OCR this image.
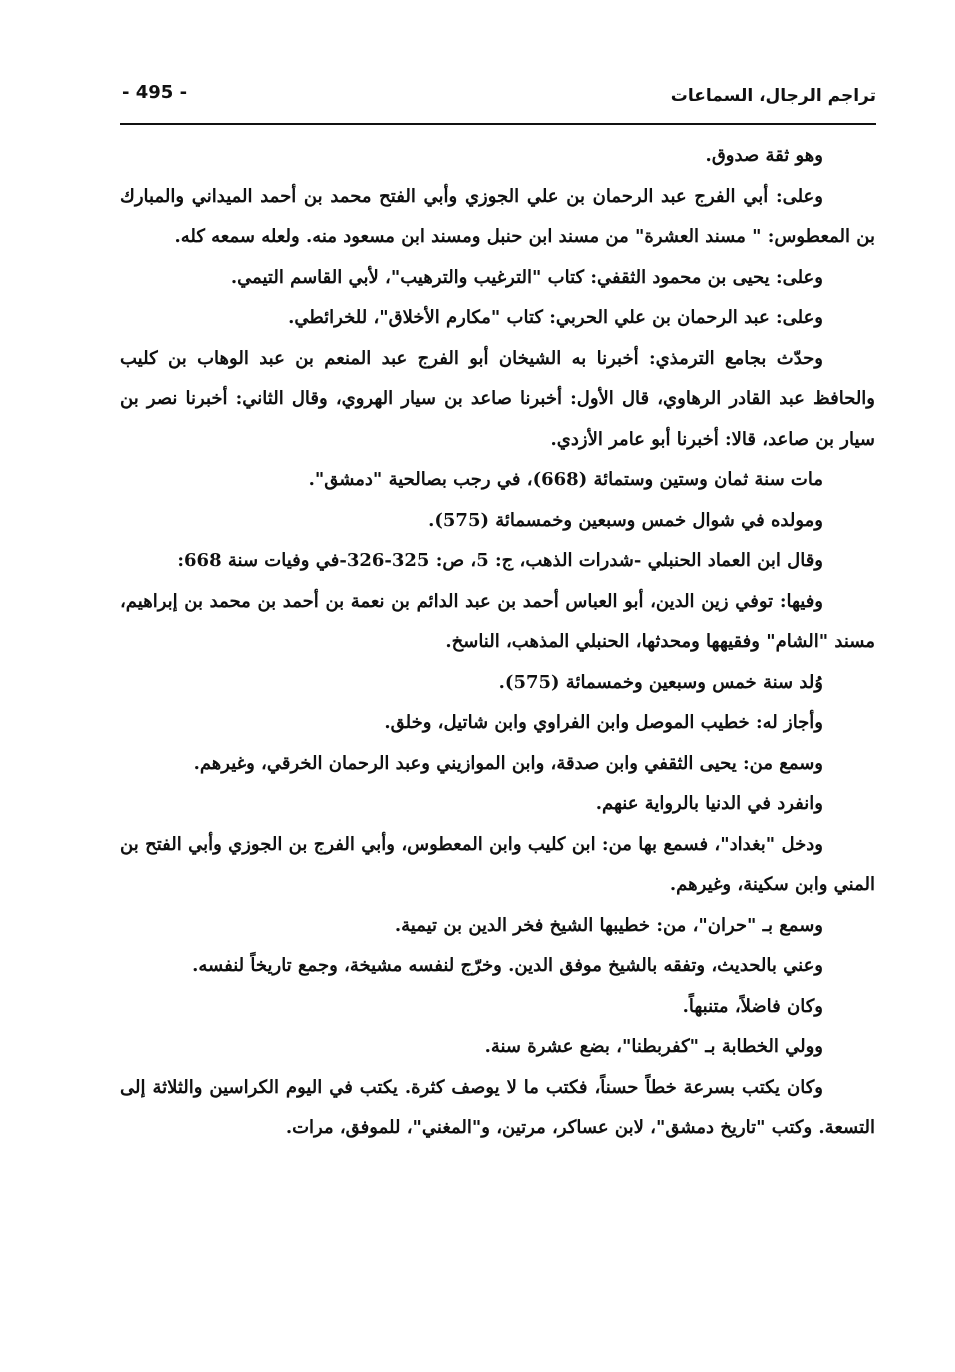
تراجم الرجال، السماعات
- 495 -

وهو ثقة صدوق.

وعلى: أبي الفرج عبد الرحمان بن علي الجوزي وأبي الفتح محمد بن أحمد الميداني والمبارك بن المعطوس: " مسند العشرة" من مسند ابن حنبل ومسند ابن مسعود منه. ولعله سمعه كله.

وعلى: يحيى بن محمود الثقفي: كتاب "الترغيب والترهيب"، لأبي القاسم التيمي.

وعلى: عبد الرحمان بن علي الحربي: كتاب "مكارم الأخلاق"، للخرائطي.

وحدّث بجامع الترمذي: أخبرنا به الشيخان أبو الفرج عبد المنعم بن عبد الوهاب بن كليب والحافظ عبد القادر الرهاوي، قال الأول: أخبرنا صاعد بن سيار الهروي، وقال الثاني: أخبرنا نصر بن سيار بن صاعد، قالا: أخبرنا أبو عامر الأزدي.

مات سنة ثمان وستين وستمائة (668)، في رجب بصالحية "دمشق".

ومولده في شوال خمس وسبعين وخمسمائة (575).

وقال ابن العماد الحنبلي -شدرات الذهب، ج: 5، ص: 325-326-في وفيات سنة 668:

وفيها: توفي زين الدين، أبو العباس أحمد بن عبد الدائم بن نعمة بن أحمد بن محمد بن إبراهيم، مسند "الشام" وفقيهها ومحدثها، الحنبلي المذهب، الناسخ.

وُلد سنة خمس وسبعين وخمسمائة (575).

وأجاز له: خطيب الموصل وابن الفراوي وابن شاتيل، وخلق.

وسمع من: يحيى الثقفي وابن صدقة، وابن الموازيني وعبد الرحمان الخرقي، وغيرهم.

وانفرد في الدنيا بالرواية عنهم.

ودخل "بغداد"، فسمع بها من: ابن كليب وابن المعطوس، وأبي الفرج بن الجوزي وأبي الفتح بن المني وابن سكينة، وغيرهم.

وسمع بـ "حران"، من: خطيبها الشيخ فخر الدين بن تيمية.

وعني بالحديث، وتفقه بالشيخ موفق الدين. وخرّج لنفسه مشيخة، وجمع تاريخاً لنفسه.

وكان فاضلاً، متنبهاً.

وولي الخطابة بـ "كفربطنا"، بضع عشرة سنة.

وكان يكتب بسرعة خطاً حسناً، فكتب ما لا يوصف كثرة. يكتب في اليوم الكراسين والثلاثة إلى التسعة. وكتب "تاريخ دمشق"، لابن عساكر، مرتين، و"المغني"، للموفق، مرات.
